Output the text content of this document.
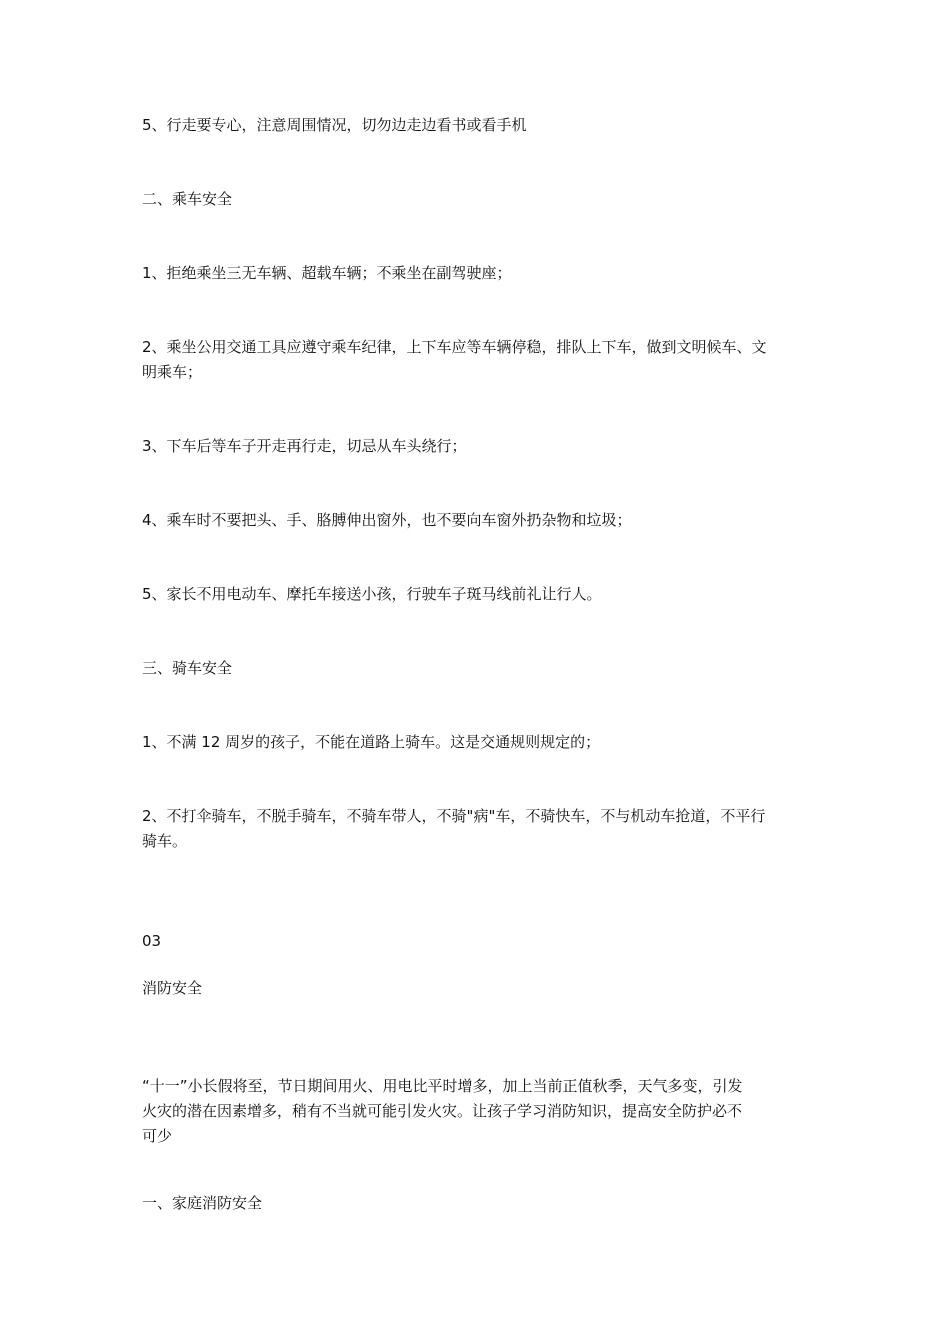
5、行走要专心，注意周围情况，切勿边走边看书或看手机
二、乘车安全
1、拒绝乘坐三无车辆、超载车辆；不乘坐在副驾驶座；
2、乘坐公用交通工具应遵守乘车纪律，上下车应等车辆停稳，排队上下车，做到文明候车、文
明乘车；
3、下车后等车子开走再行走，切忌从车头绕行；
4、乘车时不要把头、手、胳膊伸出窗外，也不要向车窗外扔杂物和垃圾；
5、家长不用电动车、摩托车接送小孩，行驶车子斑马线前礼让行人。
三、骑车安全
1、不满 12 周岁的孩子，不能在道路上骑车。这是交通规则规定的；
2、不打伞骑车，不脱手骑车，不骑车带人，不骑"病"车，不骑快车，不与机动车抢道，不平行
骑车。
03
消防安全
“十一”小长假将至，节日期间用火、用电比平时增多，加上当前正值秋季，天气多变，引发
火灾的潜在因素增多，稍有不当就可能引发火灾。让孩子学习消防知识，提高安全防护必不
可少
一、家庭消防安全
